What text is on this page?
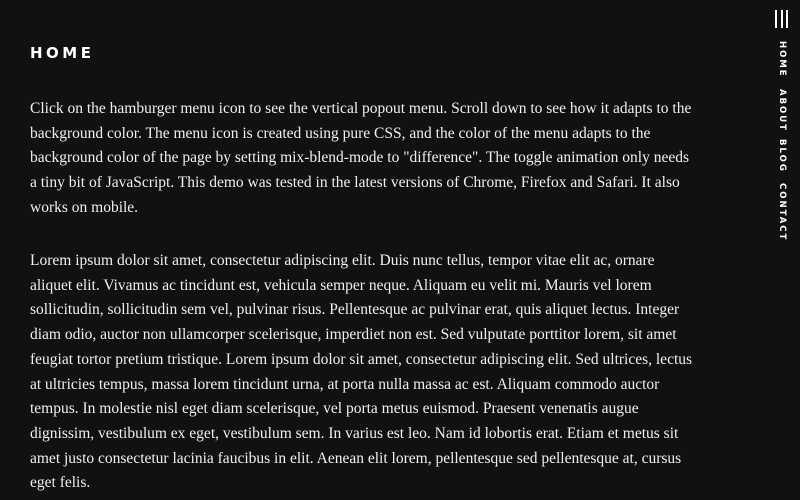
HOME

Click on the hamburger menu icon to see the vertical popout menu. Scroll down to see how it adapts to the background color. The menu icon is created using pure CSS, and the color of the menu adapts to the background color of the page by setting mix-blend-mode to "difference". The toggle animation only needs a tiny bit of JavaScript. This demo was tested in the latest versions of Chrome, Firefox and Safari. It also works on mobile.

Lorem ipsum dolor sit amet, consectetur adipiscing elit. Duis nunc tellus, tempor vitae elit ac, ornare aliquet elit. Vivamus ac tincidunt est, vehicula semper neque. Aliquam eu velit mi. Mauris vel lorem sollicitudin, sollicitudin sem vel, pulvinar risus. Pellentesque ac pulvinar erat, quis aliquet lectus. Integer diam odio, auctor non ullamcorper scelerisque, imperdiet non est. Sed vulputate porttitor lorem, sit amet feugiat tortor pretium tristique. Lorem ipsum dolor sit amet, consectetur adipiscing elit. Sed ultrices, lectus at ultricies tempus, massa lorem tincidunt urna, at porta nulla massa ac est. Aliquam commodo auctor tempus. In molestie nisl eget diam scelerisque, vel porta metus euismod. Praesent venenatis augue dignissim, vestibulum ex eget, vestibulum sem. In varius est leo. Nam id lobortis erat. Etiam et metus sit amet justo consectetur lacinia faucibus in elit. Aenean elit lorem, pellentesque sed pellentesque at, cursus eget felis.

HOME
ABOUT
BLOG
CONTACT
